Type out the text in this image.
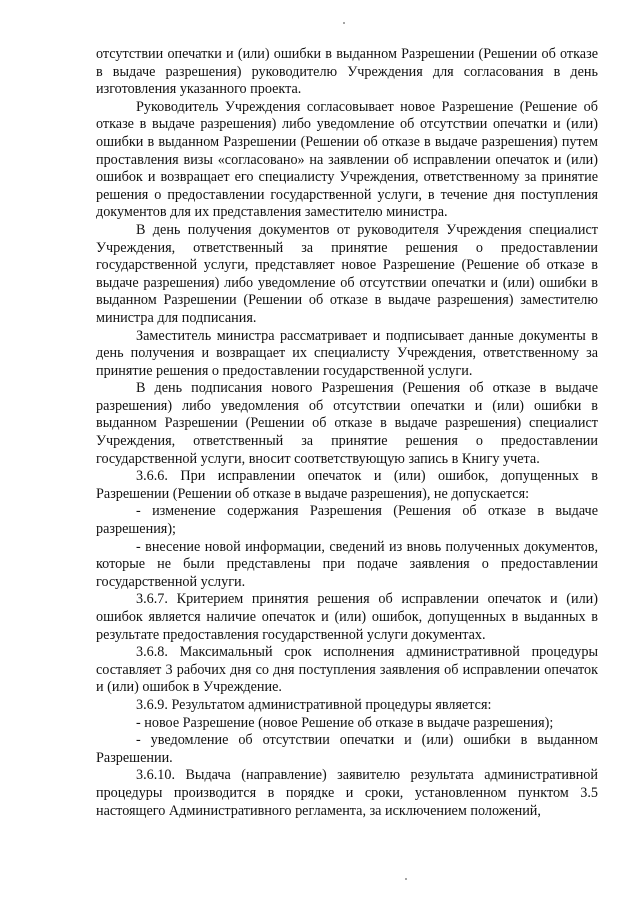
отсутствии опечатки и (или) ошибки в выданном Разрешении (Решении об отказе в выдаче разрешения) руководителю Учреждения для согласования в день изготовления указанного проекта.

Руководитель Учреждения согласовывает новое Разрешение (Решение об отказе в выдаче разрешения) либо уведомление об отсутствии опечатки и (или) ошибки в выданном Разрешении (Решении об отказе в выдаче разрешения) путем проставления визы «согласовано» на заявлении об исправлении опечаток и (или) ошибок и возвращает его специалисту Учреждения, ответственному за принятие решения о предоставлении государственной услуги, в течение дня поступления документов для их представления заместителю министра.

В день получения документов от руководителя Учреждения специалист Учреждения, ответственный за принятие решения о предоставлении государственной услуги, представляет новое Разрешение (Решение об отказе в выдаче разрешения) либо уведомление об отсутствии опечатки и (или) ошибки в выданном Разрешении (Решении об отказе в выдаче разрешения) заместителю министра для подписания.

Заместитель министра рассматривает и подписывает данные документы в день получения и возвращает их специалисту Учреждения, ответственному за принятие решения о предоставлении государственной услуги.

В день подписания нового Разрешения (Решения об отказе в выдаче разрешения) либо уведомления об отсутствии опечатки и (или) ошибки в выданном Разрешении (Решении об отказе в выдаче разрешения) специалист Учреждения, ответственный за принятие решения о предоставлении государственной услуги, вносит соответствующую запись в Книгу учета.

3.6.6. При исправлении опечаток и (или) ошибок, допущенных в Разрешении (Решении об отказе в выдаче разрешения), не допускается:

- изменение содержания Разрешения (Решения об отказе в выдаче разрешения);

- внесение новой информации, сведений из вновь полученных документов, которые не были представлены при подаче заявления о предоставлении государственной услуги.

3.6.7. Критерием принятия решения об исправлении опечаток и (или) ошибок является наличие опечаток и (или) ошибок, допущенных в выданных в результате предоставления государственной услуги документах.

3.6.8. Максимальный срок исполнения административной процедуры составляет 3 рабочих дня со дня поступления заявления об исправлении опечаток и (или) ошибок в Учреждение.

3.6.9. Результатом административной процедуры является:

- новое Разрешение (новое Решение об отказе в выдаче разрешения);

- уведомление об отсутствии опечатки и (или) ошибки в выданном Разрешении.

3.6.10. Выдача (направление) заявителю результата административной процедуры производится в порядке и сроки, установленном пунктом 3.5 настоящего Административного регламента, за исключением положений,
